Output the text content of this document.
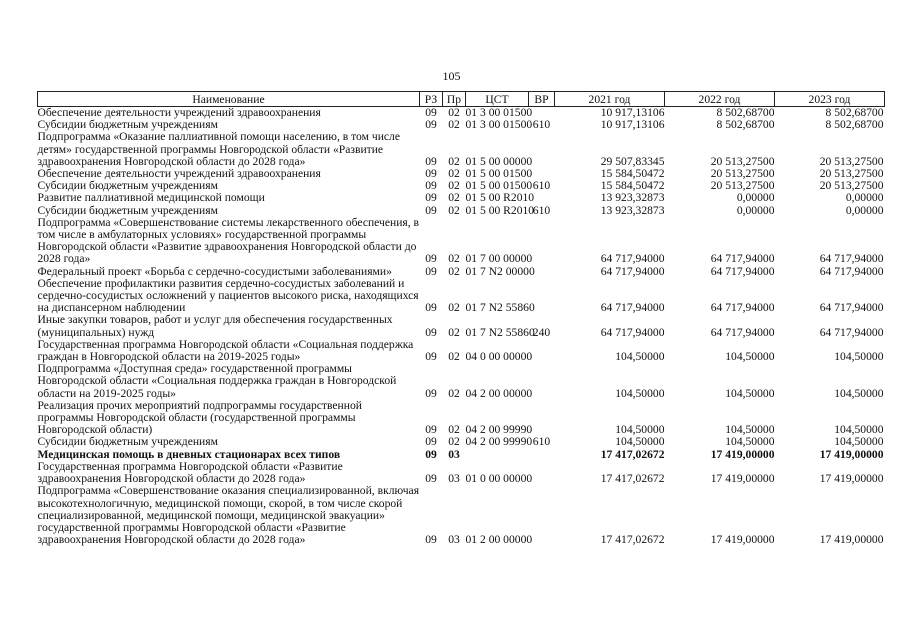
105
Наименование	РЗ	Пр	ЦСТ	ВР	2021 год	2022 год	2023 год
Обеспечение деятельности учреждений здравоохранения	09	02	01 3 00 01500		10 917,13106	8 502,68700	8 502,68700
Субсидии бюджетным учреждениям	09	02	01 3 00 01500	610	10 917,13106	8 502,68700	8 502,68700
Подпрограмма «Оказание паллиативной помощи населению, в том числе детям» государственной программы Новгородской области «Развитие здравоохранения Новгородской области до 2028 года»	09	02	01 5 00 00000		29 507,83345	20 513,27500	20 513,27500
Обеспечение деятельности учреждений здравоохранения	09	02	01 5 00 01500		15 584,50472	20 513,27500	20 513,27500
Субсидии бюджетным учреждениям	09	02	01 5 00 01500	610	15 584,50472	20 513,27500	20 513,27500
Развитие паллиативной медицинской помощи	09	02	01 5 00 R2010		13 923,32873	0,00000	0,00000
Субсидии бюджетным учреждениям	09	02	01 5 00 R2010	610	13 923,32873	0,00000	0,00000
Подпрограмма «Совершенствование системы лекарственного обеспечения, в том числе в амбулаторных условиях» государственной программы Новгородской области «Развитие здравоохранения Новгородской области до 2028 года»	09	02	01 7 00 00000		64 717,94000	64 717,94000	64 717,94000
Федеральный проект «Борьба с сердечно-сосудистыми заболеваниями»	09	02	01 7 N2 00000		64 717,94000	64 717,94000	64 717,94000
Обеспечение профилактики развития сердечно-сосудистых заболеваний и сердечно-сосудистых осложнений у пациентов высокого риска, находящихся на диспансерном наблюдении	09	02	01 7 N2 55860		64 717,94000	64 717,94000	64 717,94000
Иные закупки товаров, работ и услуг для обеспечения государственных (муниципальных) нужд	09	02	01 7 N2 55860	240	64 717,94000	64 717,94000	64 717,94000
Государственная программа Новгородской области «Социальная поддержка граждан в Новгородской области на 2019-2025 годы»	09	02	04 0 00 00000		104,50000	104,50000	104,50000
Подпрограмма «Доступная среда» государственной программы Новгородской области «Социальная поддержка граждан в Новгородской области на 2019-2025 годы»	09	02	04 2 00 00000		104,50000	104,50000	104,50000
Реализация прочих мероприятий подпрограммы государственной программы Новгородской области (государственной программы Новгородской области)	09	02	04 2 00 99990		104,50000	104,50000	104,50000
Субсидии бюджетным учреждениям	09	02	04 2 00 99990	610	104,50000	104,50000	104,50000
Медицинская помощь в дневных стационарах всех типов	09	03			17 417,02672	17 419,00000	17 419,00000
Государственная программа Новгородской области «Развитие здравоохранения Новгородской области до 2028 года»	09	03	01 0 00 00000		17 417,02672	17 419,00000	17 419,00000
Подпрограмма «Совершенствование оказания специализированной, включая высокотехнологичную, медицинской помощи, скорой, в том числе скорой специализированной, медицинской помощи, медицинской эвакуации» государственной программы Новгородской области «Развитие здравоохранения Новгородской области до 2028 года»	09	03	01 2 00 00000		17 417,02672	17 419,00000	17 419,00000
